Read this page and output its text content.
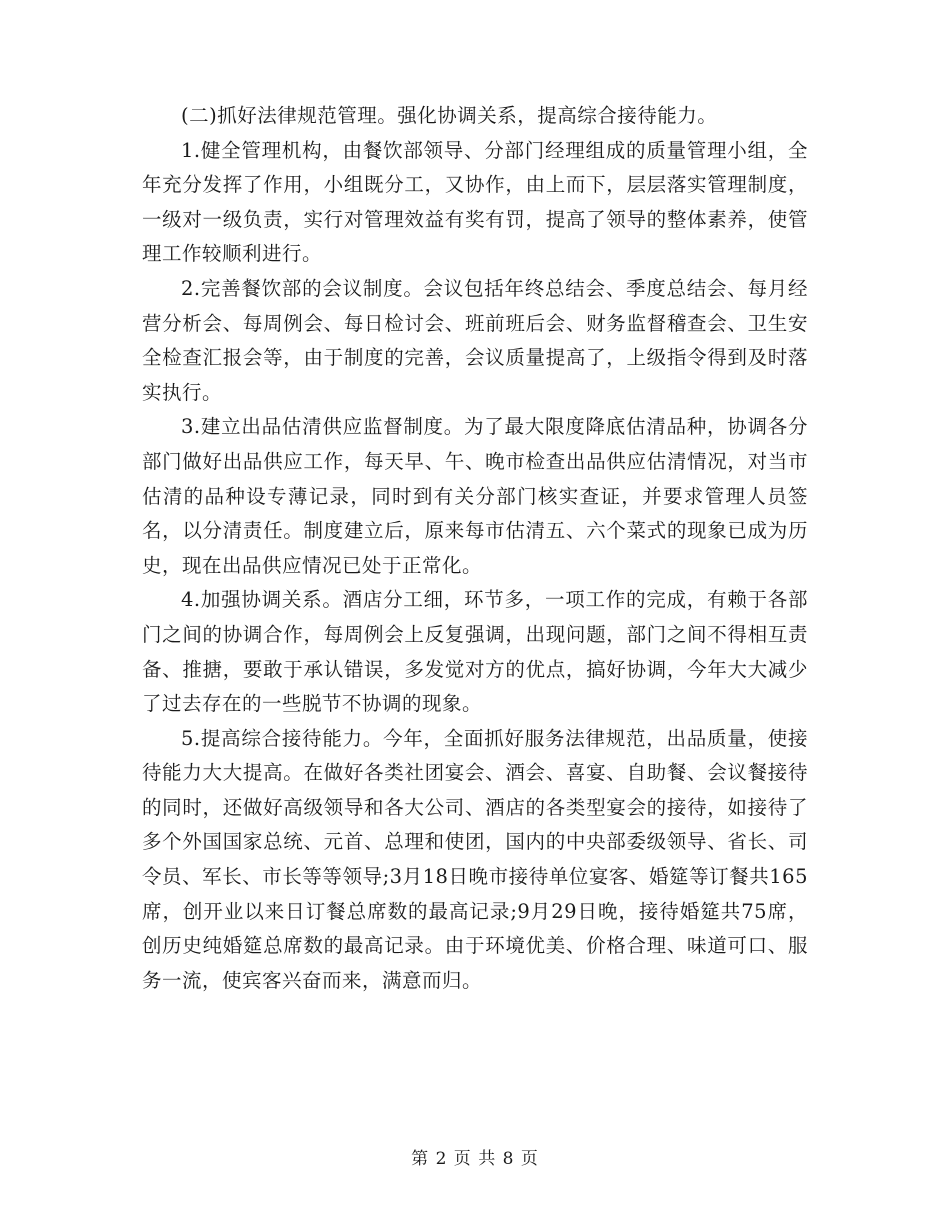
(二)抓好法律规范管理。强化协调关系，提高综合接待能力。

1.健全管理机构，由餐饮部领导、分部门经理组成的质量管理小组，全年充分发挥了作用，小组既分工，又协作，由上而下，层层落实管理制度，一级对一级负责，实行对管理效益有奖有罚，提高了领导的整体素养，使管理工作较顺利进行。

2.完善餐饮部的会议制度。会议包括年终总结会、季度总结会、每月经营分析会、每周例会、每日检讨会、班前班后会、财务监督稽查会、卫生安全检查汇报会等，由于制度的完善，会议质量提高了，上级指令得到及时落实执行。

3.建立出品估清供应监督制度。为了最大限度降底估清品种，协调各分部门做好出品供应工作，每天早、午、晚市检查出品供应估清情况，对当市估清的品种设专薄记录，同时到有关分部门核实查证，并要求管理人员签名，以分清责任。制度建立后，原来每市估清五、六个菜式的现象已成为历史，现在出品供应情况已处于正常化。

4.加强协调关系。酒店分工细，环节多，一项工作的完成，有赖于各部门之间的协调合作，每周例会上反复强调，出现问题，部门之间不得相互责备、推搪，要敢于承认错误，多发觉对方的优点，搞好协调，今年大大减少了过去存在的一些脱节不协调的现象。

5.提高综合接待能力。今年，全面抓好服务法律规范，出品质量，使接待能力大大提高。在做好各类社团宴会、酒会、喜宴、自助餐、会议餐接待的同时，还做好高级领导和各大公司、酒店的各类型宴会的接待，如接待了多个外国国家总统、元首、总理和使团，国内的中央部委级领导、省长、司令员、军长、市长等等领导;3月18日晚市接待单位宴客、婚筵等订餐共165席，创开业以来日订餐总席数的最高记录;9月29日晚，接待婚筵共75席，创历史纯婚筵总席数的最高记录。由于环境优美、价格合理、味道可口、服务一流，使宾客兴奋而来，满意而归。

第 2 页 共 8 页
